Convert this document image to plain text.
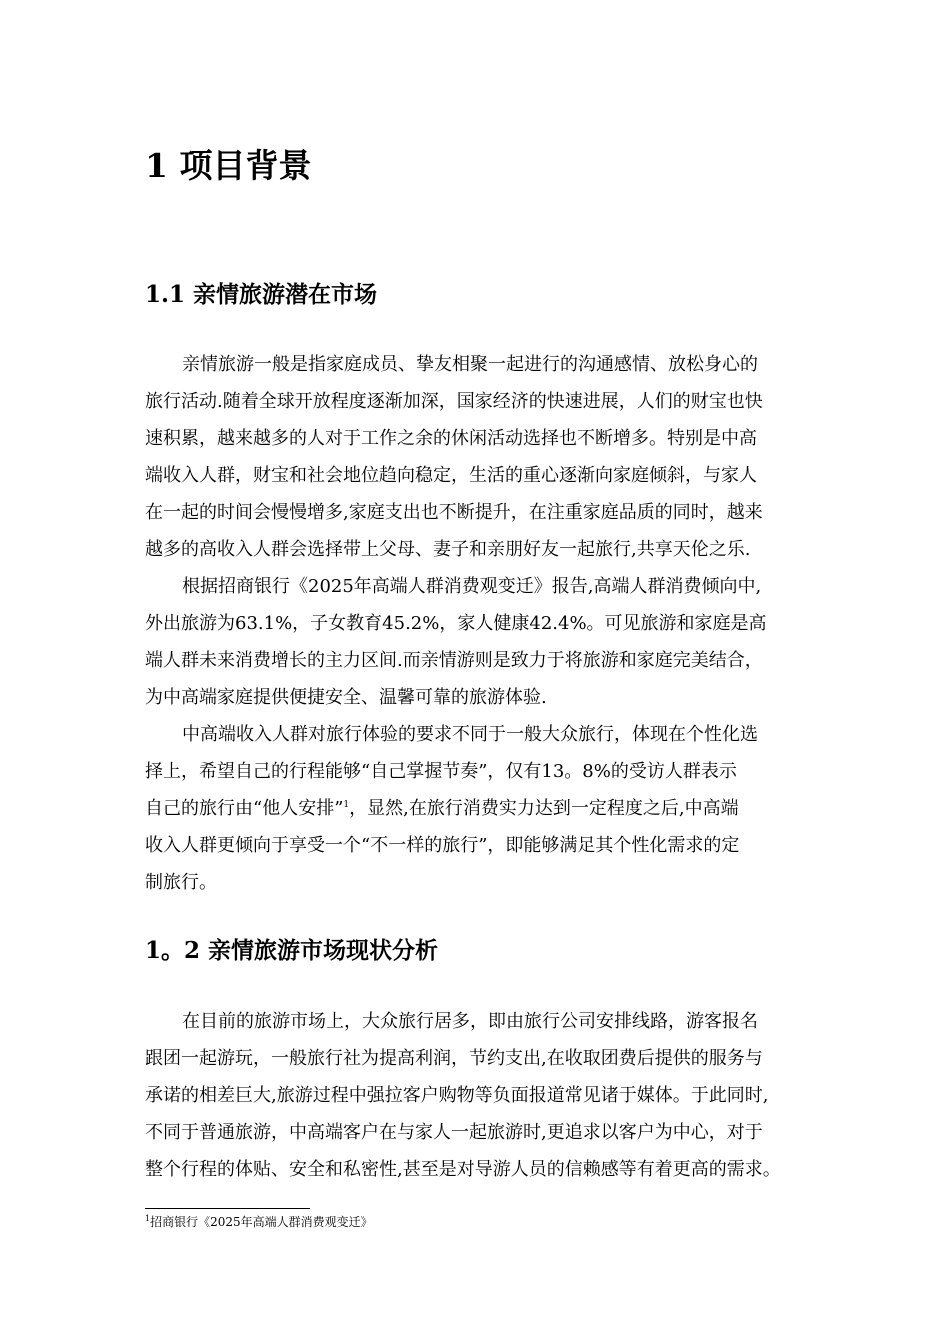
1 项目背景
1.1 亲情旅游潜在市场
亲情旅游一般是指家庭成员、挚友相聚一起进行的沟通感情、放松身心的
旅行活动.随着全球开放程度逐渐加深，国家经济的快速进展，人们的财宝也快
速积累，越来越多的人对于工作之余的休闲活动选择也不断增多。特别是中高
端收入人群，财宝和社会地位趋向稳定，生活的重心逐渐向家庭倾斜，与家人
在一起的时间会慢慢增多,家庭支出也不断提升，在注重家庭品质的同时，越来
越多的高收入人群会选择带上父母、妻子和亲朋好友一起旅行,共享天伦之乐.
根据招商银行《2025年高端人群消费观变迁》报告,高端人群消费倾向中,
外出旅游为63.1%，子女教育45.2%，家人健康42.4%。可见旅游和家庭是高
端人群未来消费增长的主力区间.而亲情游则是致力于将旅游和家庭完美结合，
为中高端家庭提供便捷安全、温馨可靠的旅游体验.
中高端收入人群对旅行体验的要求不同于一般大众旅行，体现在个性化选
择上，希望自己的行程能够“自己掌握节奏”，仅有13。8%的受访人群表示
自己的旅行由“他人安排”$^1$，显然,在旅行消费实力达到一定程度之后,中高端
收入人群更倾向于享受一个“不一样的旅行”，即能够满足其个性化需求的定
制旅行。
1。2 亲情旅游市场现状分析
在目前的旅游市场上，大众旅行居多，即由旅行公司安排线路，游客报名
跟团一起游玩，一般旅行社为提高利润，节约支出,在收取团费后提供的服务与
承诺的相差巨大,旅游过程中强拉客户购物等负面报道常见诸于媒体。于此同时,
不同于普通旅游，中高端客户在与家人一起旅游时,更追求以客户为中心，对于
整个行程的体贴、安全和私密性,甚至是对导游人员的信赖感等有着更高的需求。
$^1$招商银行《2025年高端人群消费观变迁》
